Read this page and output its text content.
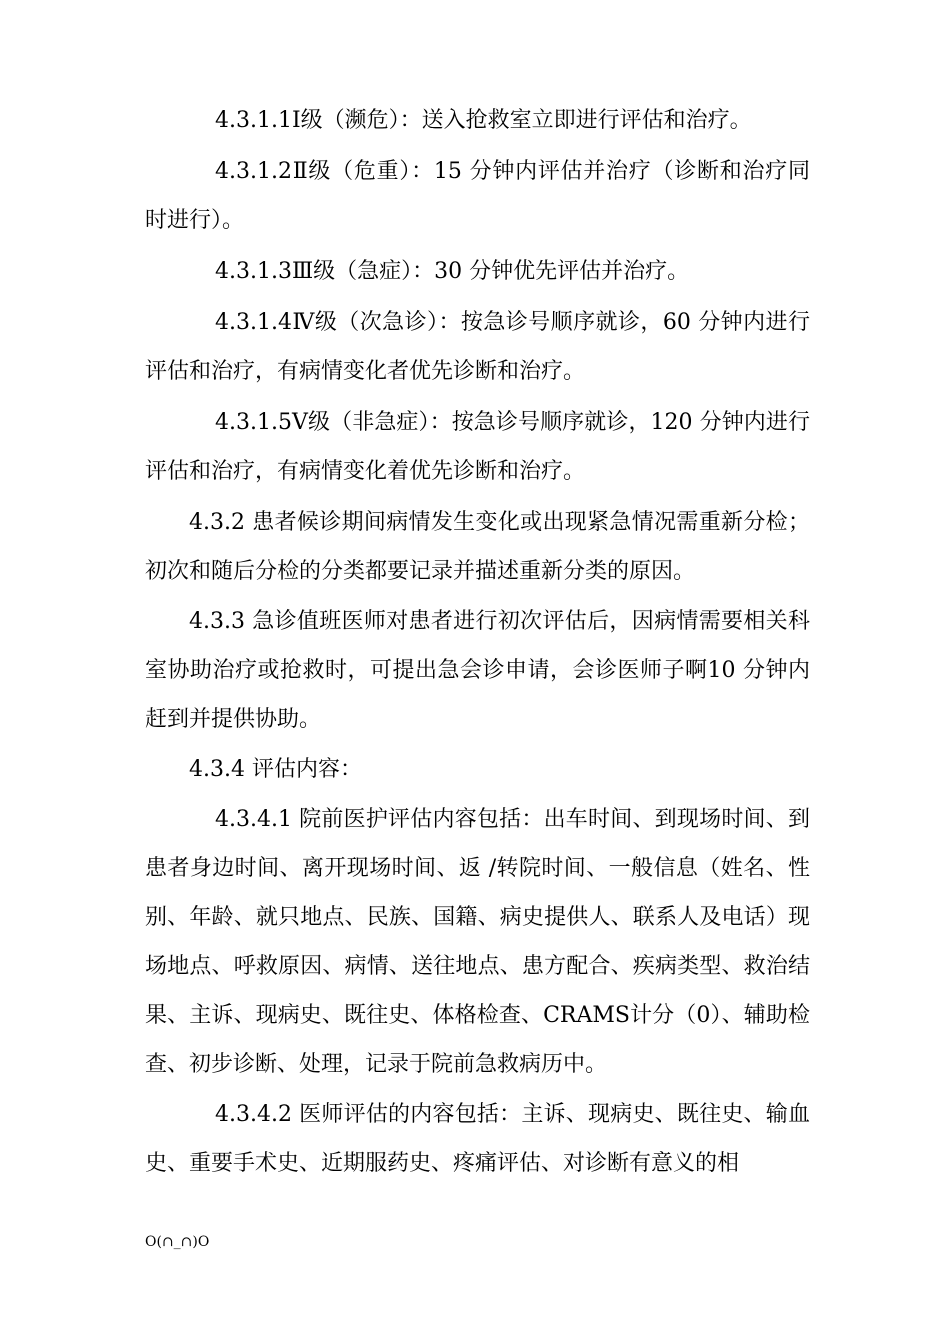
4.3.1.1Ⅰ级（濒危）：送入抢救室立即进行评估和治疗。

4.3.1.2Ⅱ级（危重）：15 分钟内评估并治疗（诊断和治疗同时进行）。

4.3.1.3Ⅲ级（急症）：30 分钟优先评估并治疗。

4.3.1.4Ⅳ级（次急诊）：按急诊号顺序就诊，60 分钟内进行评估和治疗，有病情变化者优先诊断和治疗。

4.3.1.5Ⅴ级（非急症）：按急诊号顺序就诊，120 分钟内进行评估和治疗，有病情变化着优先诊断和治疗。

4.3.2 患者候诊期间病情发生变化或出现紧急情况需重新分检；初次和随后分检的分类都要记录并描述重新分类的原因。

4.3.3 急诊值班医师对患者进行初次评估后，因病情需要相关科室协助治疗或抢救时，可提出急会诊申请，会诊医师子啊10 分钟内赶到并提供协助。

4.3.4 评估内容：

4.3.4.1 院前医护评估内容包括：出车时间、到现场时间、到患者身边时间、离开现场时间、返 /转院时间、一般信息（姓名、性别、年龄、就只地点、民族、国籍、病史提供人、联系人及电话）现场地点、呼救原因、病情、送往地点、患方配合、疾病类型、救治结果、主诉、现病史、既往史、体格检查、CRAMS计分（0）、辅助检查、初步诊断、处理，记录于院前急救病历中。

4.3.4.2 医师评估的内容包括：主诉、现病史、既往史、输血史、重要手术史、近期服药史、疼痛评估、对诊断有意义的相

O(∩_∩)O
